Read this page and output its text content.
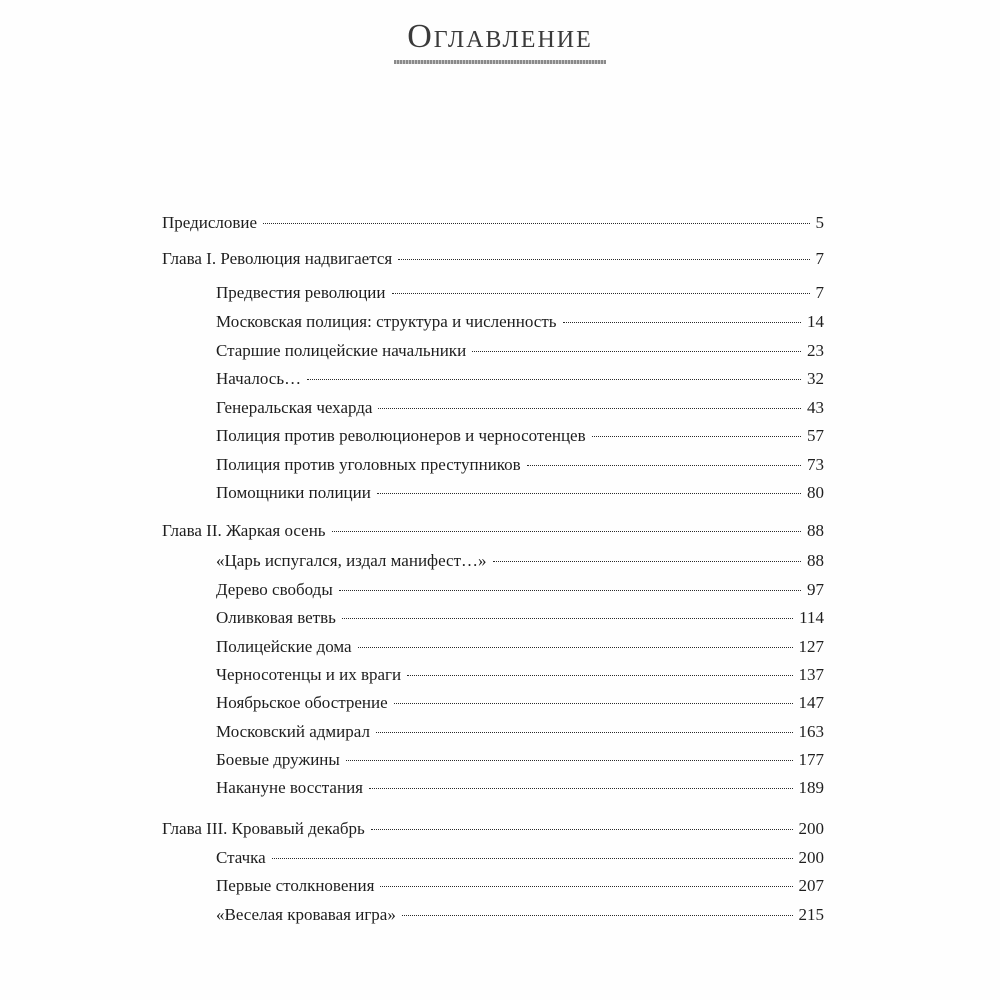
Оглавление
Предисловие	5
Глава I. Революция надвигается	7
Предвестия революции	7
Московская полиция: структура и численность	14
Старшие полицейские начальники	23
Началось…	32
Генеральская чехарда	43
Полиция против революционеров и черносотенцев	57
Полиция против уголовных преступников	73
Помощники полиции	80
Глава II. Жаркая осень	88
«Царь испугался, издал манифест…»	88
Дерево свободы	97
Оливковая ветвь	114
Полицейские дома	127
Черносотенцы и их враги	137
Ноябрьское обострение	147
Московский адмирал	163
Боевые дружины	177
Накануне восстания	189
Глава III. Кровавый декабрь	200
Стачка	200
Первые столкновения	207
«Веселая кровавая игра»	215
